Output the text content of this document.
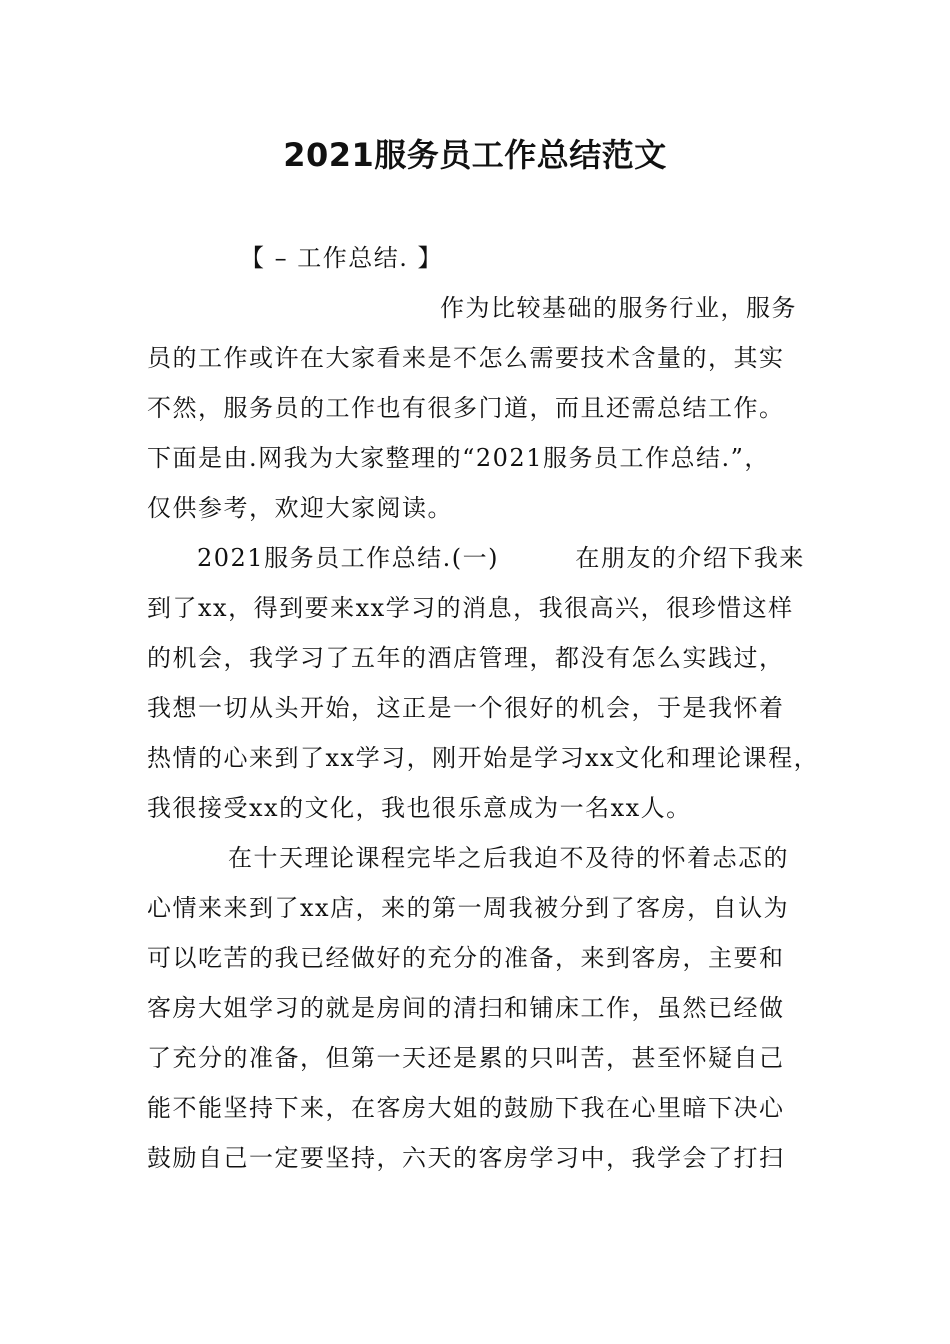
2021服务员工作总结范文
【 – 工作总结. 】
作为比较基础的服务行业，服务
员的工作或许在大家看来是不怎么需要技术含量的，其实
不然，服务员的工作也有很多门道，而且还需总结工作。
下面是由.网我为大家整理的“2021服务员工作总结.”，
仅供参考，欢迎大家阅读。
2021服务员工作总结.(一)　　　在朋友的介绍下我来
到了xx，得到要来xx学习的消息，我很高兴，很珍惜这样
的机会，我学习了五年的酒店管理，都没有怎么实践过，
我想一切从头开始，这正是一个很好的机会，于是我怀着
热情的心来到了xx学习，刚开始是学习xx文化和理论课程，
我很接受xx的文化，我也很乐意成为一名xx人。
在十天理论课程完毕之后我迫不及待的怀着忐忑的
心情来来到了xx店，来的第一周我被分到了客房，自认为
可以吃苦的我已经做好的充分的准备，来到客房，主要和
客房大姐学习的就是房间的清扫和铺床工作，虽然已经做
了充分的准备，但第一天还是累的只叫苦，甚至怀疑自己
能不能坚持下来，在客房大姐的鼓励下我在心里暗下决心
鼓励自己一定要坚持，六天的客房学习中，我学会了打扫
